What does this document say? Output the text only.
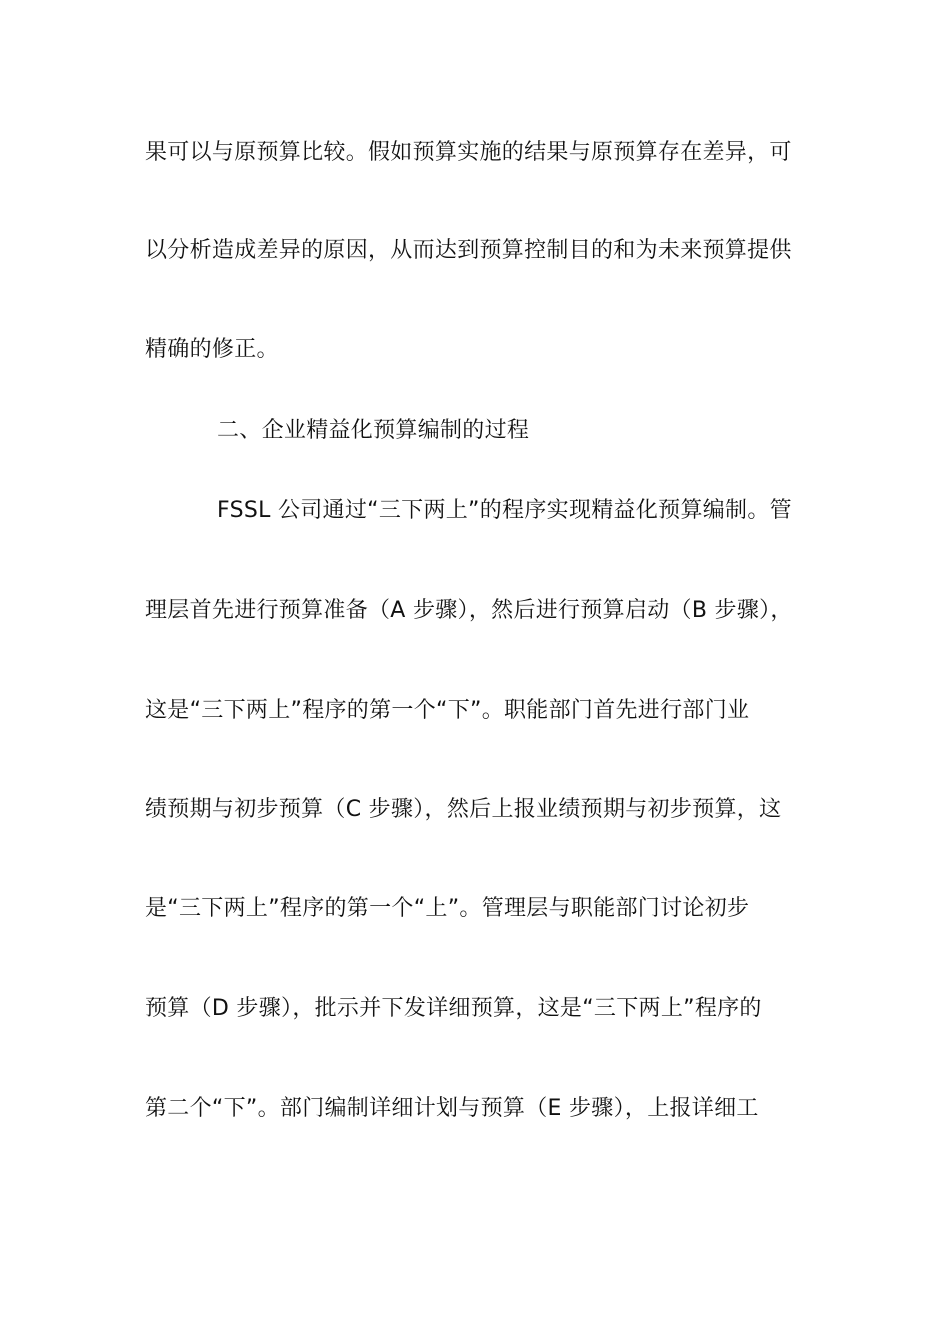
果可以与原预算比较。假如预算实施的结果与原预算存在差异，可
以分析造成差异的原因，从而达到预算控制目的和为未来预算提供
精确的修正。
二、企业精益化预算编制的过程
FSSL 公司通过“三下两上”的程序实现精益化预算编制。管
理层首先进行预算准备（A 步骤），然后进行预算启动（B 步骤），
这是“三下两上”程序的第一个“下”。职能部门首先进行部门业
绩预期与初步预算（C 步骤），然后上报业绩预期与初步预算，这
是“三下两上”程序的第一个“上”。管理层与职能部门讨论初步
预算（D 步骤），批示并下发详细预算，这是“三下两上”程序的
第二个“下”。部门编制详细计划与预算（E 步骤），上报详细工
